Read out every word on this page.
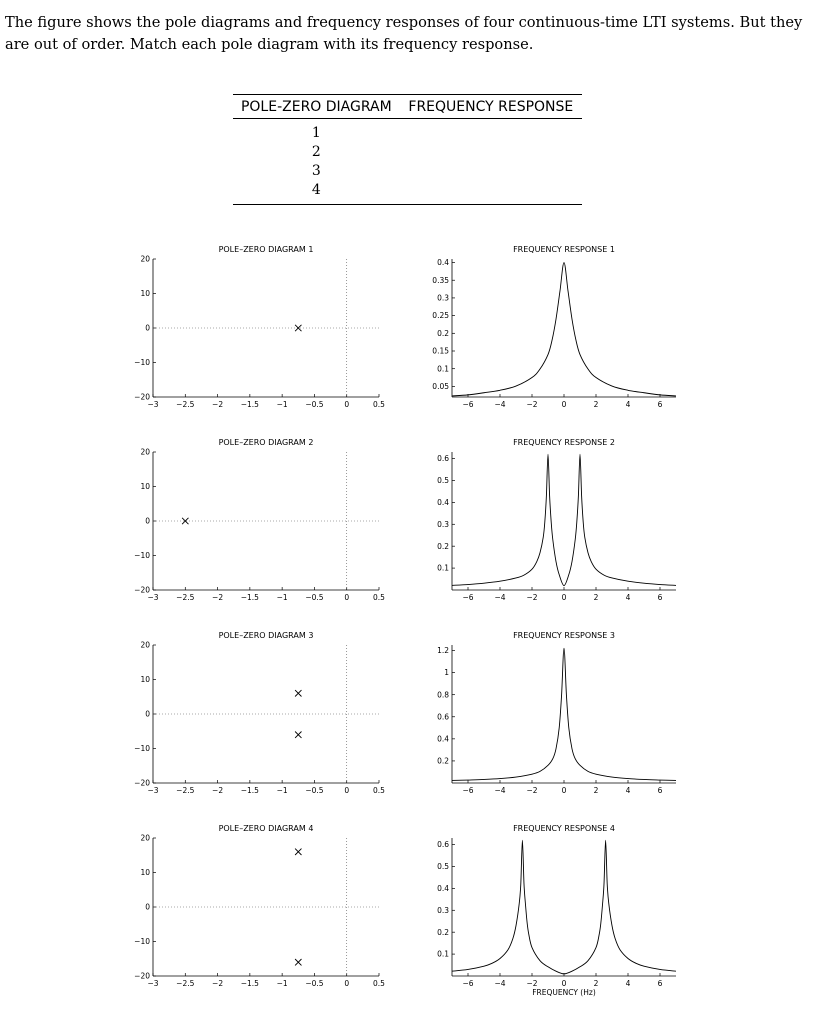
The figure shows the pole diagrams and frequency responses of four continuous-time LTI systems. But they are out of order. Match each pole diagram with its frequency response.

POLE-ZERO DIAGRAM	FREQUENCY RESPONSE
1	
2	
3	
4	
POLE–ZERO DIAGRAM 1
−3 −2.5 −2 −1.5 −1 −0.5	0	0.5
−20
−10
0
10
20
FREQUENCY RESPONSE 1
−6	−4	−2	0	2	4	6
0.05
0.1
0.15
0.2
0.25
0.3
0.35
0.4
POLE–ZERO DIAGRAM 2
−3 −2.5 −2 −1.5 −1 −0.5	0	0.5
−20
−10
0
10
20
FREQUENCY RESPONSE 2
−6	−4	−2	0	2	4	6
0.1
0.2
0.3
0.4
0.5
0.6
POLE–ZERO DIAGRAM 3
−3 −2.5 −2 −1.5 −1 −0.5	0	0.5
−20
−10
0
10
20
FREQUENCY RESPONSE 3
−6	−4	−2	0	2	4	6
0.2
0.4
0.6
0.8
1
1.2
POLE–ZERO DIAGRAM 4
−3 −2.5 −2 −1.5 −1 −0.5	0	0.5
−20
−10
0
10
20
FREQUENCY RESPONSE 4
−6	−4	−2	0	2	4	6
0.1
0.2
0.3
0.4
0.5
0.6
FREQUENCY (Hz)
